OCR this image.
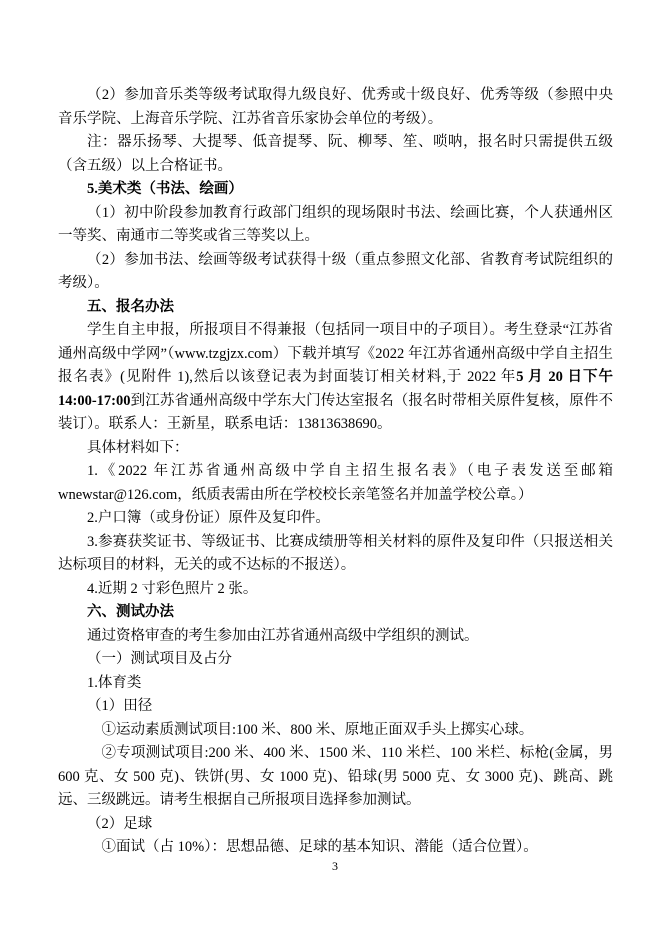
（2）参加音乐类等级考试取得九级良好、优秀或十级良好、优秀等级（参照中央音乐学院、上海音乐学院、江苏省音乐家协会单位的考级）。

注：器乐扬琴、大提琴、低音提琴、阮、柳琴、笙、唢呐，报名时只需提供五级（含五级）以上合格证书。

5.美术类（书法、绘画）

（1）初中阶段参加教育行政部门组织的现场限时书法、绘画比赛，个人获通州区一等奖、南通市二等奖或省三等奖以上。

（2）参加书法、绘画等级考试获得十级（重点参照文化部、省教育考试院组织的考级）。

五、报名办法

学生自主申报，所报项目不得兼报（包括同一项目中的子项目）。考生登录“江苏省通州高级中学网”（www.tzgjzx.com）下载并填写《2022 年江苏省通州高级中学自主招生报名表》(见附件 1),然后以该登记表为封面装订相关材料,于 2022 年5 月 20 日下午 14:00-17:00到江苏省通州高级中学东大门传达室报名（报名时带相关原件复核，原件不装订）。联系人：王新星，联系电话：13813638690。

具体材料如下：

1.《2022 年江苏省通州高级中学自主招生报名表》（电子表发送至邮箱 wnewstar@126.com，纸质表需由所在学校校长亲笔签名并加盖学校公章。）

2.户口簿（或身份证）原件及复印件。

3.参赛获奖证书、等级证书、比赛成绩册等相关材料的原件及复印件（只报送相关达标项目的材料，无关的或不达标的不报送）。

4.近期 2 寸彩色照片 2 张。

六、测试办法

通过资格审查的考生参加由江苏省通州高级中学组织的测试。

（一）测试项目及占分

1.体育类

（1）田径

①运动素质测试项目:100 米、800 米、原地正面双手头上掷实心球。

②专项测试项目:200 米、400 米、1500 米、110 米栏、100 米栏、标枪(金属，男 600 克、女 500 克)、铁饼(男、女 1000 克)、铅球(男 5000 克、女 3000 克)、跳高、跳远、三级跳远。请考生根据自己所报项目选择参加测试。

（2）足球

①面试（占 10%）：思想品德、足球的基本知识、潜能（适合位置）。

3
